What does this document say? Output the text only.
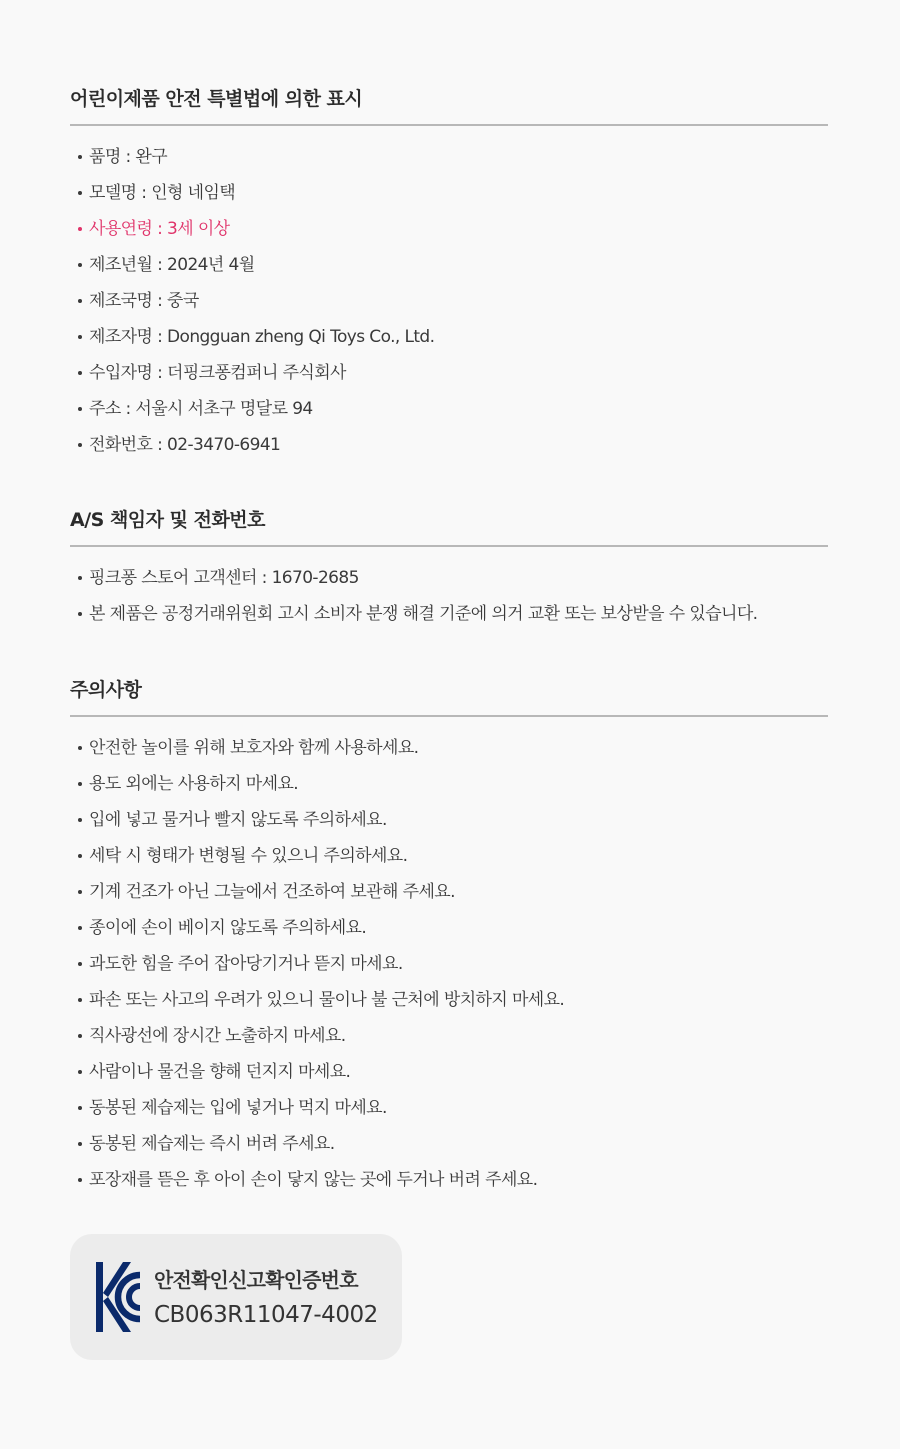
어린이제품 안전 특별법에 의한 표시
품명 : 완구
모델명 : 인형 네임택
사용연령 : 3세 이상
제조년월 : 2024년 4월
제조국명 : 중국
제조자명 : Dongguan zheng Qi Toys Co., Ltd.
수입자명 : 더핑크퐁컴퍼니 주식회사
주소 : 서울시 서초구 명달로 94
전화번호 : 02-3470-6941
A/S 책임자 및 전화번호
핑크퐁 스토어 고객센터 : 1670-2685
본 제품은 공정거래위원회 고시 소비자 분쟁 해결 기준에 의거 교환 또는 보상받을 수 있습니다.
주의사항
안전한 놀이를 위해 보호자와 함께 사용하세요.
용도 외에는 사용하지 마세요.
입에 넣고 물거나 빨지 않도록 주의하세요.
세탁 시 형태가 변형될 수 있으니 주의하세요.
기계 건조가 아닌 그늘에서 건조하여 보관해 주세요.
종이에 손이 베이지 않도록 주의하세요.
과도한 힘을 주어 잡아당기거나 뜯지 마세요.
파손 또는 사고의 우려가 있으니 물이나 불 근처에 방치하지 마세요.
직사광선에 장시간 노출하지 마세요.
사람이나 물건을 향해 던지지 마세요.
동봉된 제습제는 입에 넣거나 먹지 마세요.
동봉된 제습제는 즉시 버려 주세요.
포장재를 뜯은 후 아이 손이 닿지 않는 곳에 두거나 버려 주세요.
안전확인신고확인증번호
CB063R11047-4002
